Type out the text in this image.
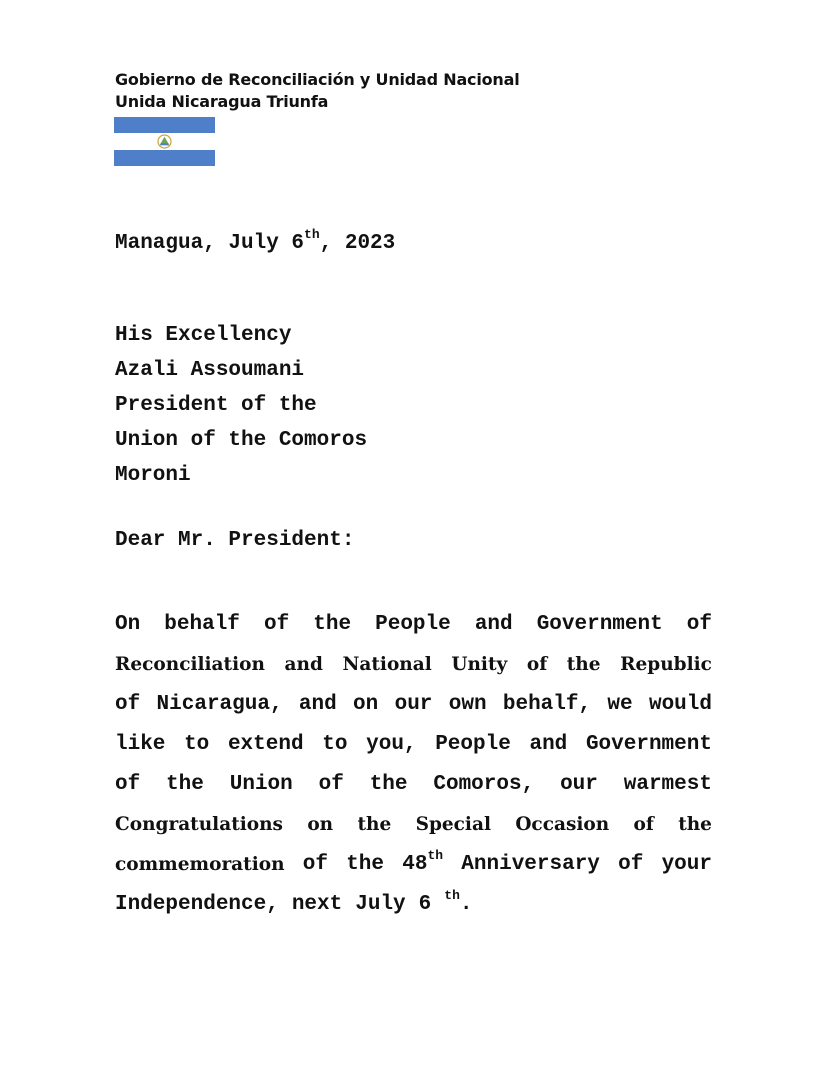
Gobierno de Reconciliación y Unidad Nacional
Unida Nicaragua Triunfa
Managua, July 6th, 2023
His Excellency
Azali Assoumani
President of the
Union of the Comoros
Moroni
Dear Mr. President:
On behalf of the People and Government of
Reconciliation and National Unity of the Republic
of Nicaragua, and on our own behalf, we would
like to extend to you, People and Government
of the Union of the Comoros, our warmest
Congratulations on the Special Occasion of the
commemoration of the 48th Anniversary of your
Independence, next July 6 $^{th}$.
